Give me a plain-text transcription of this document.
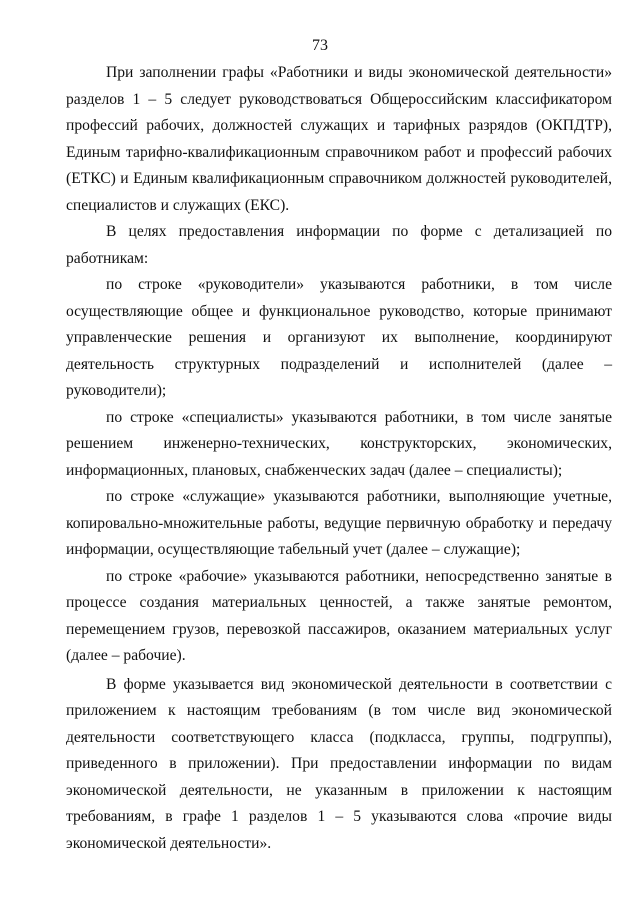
73

При заполнении графы «Работники и виды экономической деятельности» разделов 1 – 5 следует руководствоваться Общероссийским классификатором профессий рабочих, должностей служащих и тарифных разрядов (ОКПДТР), Единым тарифно-квалификационным справочником работ и профессий рабочих (ЕТКС) и Единым квалификационным справочником должностей руководителей, специалистов и служащих (ЕКС).

В целях предоставления информации по форме с детализацией по работникам:

по строке «руководители» указываются работники, в том числе осуществляющие общее и функциональное руководство, которые принимают управленческие решения и организуют их выполнение, координируют деятельность структурных подразделений и исполнителей (далее – руководители);

по строке «специалисты» указываются работники, в том числе занятые решением инженерно-технических, конструкторских, экономических, информационных, плановых, снабженческих задач (далее – специалисты);

по строке «служащие» указываются работники, выполняющие учетные, копировально-множительные работы, ведущие первичную обработку и передачу информации, осуществляющие табельный учет (далее – служащие);

по строке «рабочие» указываются работники, непосредственно занятые в процессе создания материальных ценностей, а также занятые ремонтом, перемещением грузов, перевозкой пассажиров, оказанием материальных услуг (далее – рабочие).

В форме указывается вид экономической деятельности в соответствии с приложением к настоящим требованиям (в том числе вид экономической деятельности соответствующего класса (подкласса, группы, подгруппы), приведенного в приложении). При предоставлении информации по видам экономической деятельности, не указанным в приложении к настоящим требованиям, в графе 1 разделов 1 – 5 указываются слова «прочие виды экономической деятельности».
